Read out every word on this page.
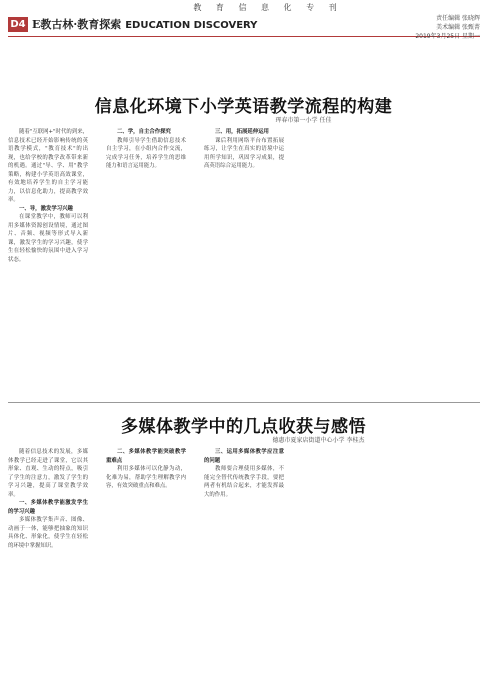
教 育 信 息 化 专 刊
D4 E教古林·教育探索 EDUCATION DISCOVERY
责任编辑 张晓辉
美术编辑 张甄菁
2019年3月25日 星期一
信息化环境下小学英语教学流程的构建
珲春市第一小学 任佳

随着"互联网+"时代的到来，信息技术已经开始影响传统的英语教学模式，"教育技术"的出现，也给学校的教学改革带来新的机遇。通过"导、学、用"教学策略，构建小学英语高效课堂，有效地培养学生的自主学习能力，以信息化助力，提高教学效率。

一、导，激发学习兴趣

在课堂教学中，教师可以利用多媒体资源创设情境，通过图片、音频、视频等形式导入新课，激发学生的学习兴趣，使学生在轻松愉快的氛围中进入学习状态。

二、学，自主合作探究

教师引导学生借助信息技术自主学习，在小组内合作交流，完成学习任务，培养学生的思维能力和语言运用能力。

三、用，拓展延伸运用

课后利用网络平台布置拓展练习，让学生在真实的语境中运用所学知识，巩固学习成果，提高英语综合运用能力。

多媒体教学中的几点收获与感悟
德惠市夏家店街道中心小学 李桂杰

随着信息技术的发展，多媒体教学已经走进了课堂，它以其形象、直观、生动的特点，吸引了学生的注意力，激发了学生的学习兴趣，提高了课堂教学效率。

一、多媒体教学能激发学生的学习兴趣

多媒体教学集声音、图像、动画于一体，能够把抽象的知识具体化、形象化，使学生在轻松的环境中掌握知识。

二、多媒体教学能突破教学重难点

利用多媒体可以化静为动，化难为易，帮助学生理解教学内容，有效突破重点和难点。

三、运用多媒体教学应注意的问题

教师要合理使用多媒体，不能完全替代传统教学手段，要把两者有机结合起来，才能发挥最大的作用。
